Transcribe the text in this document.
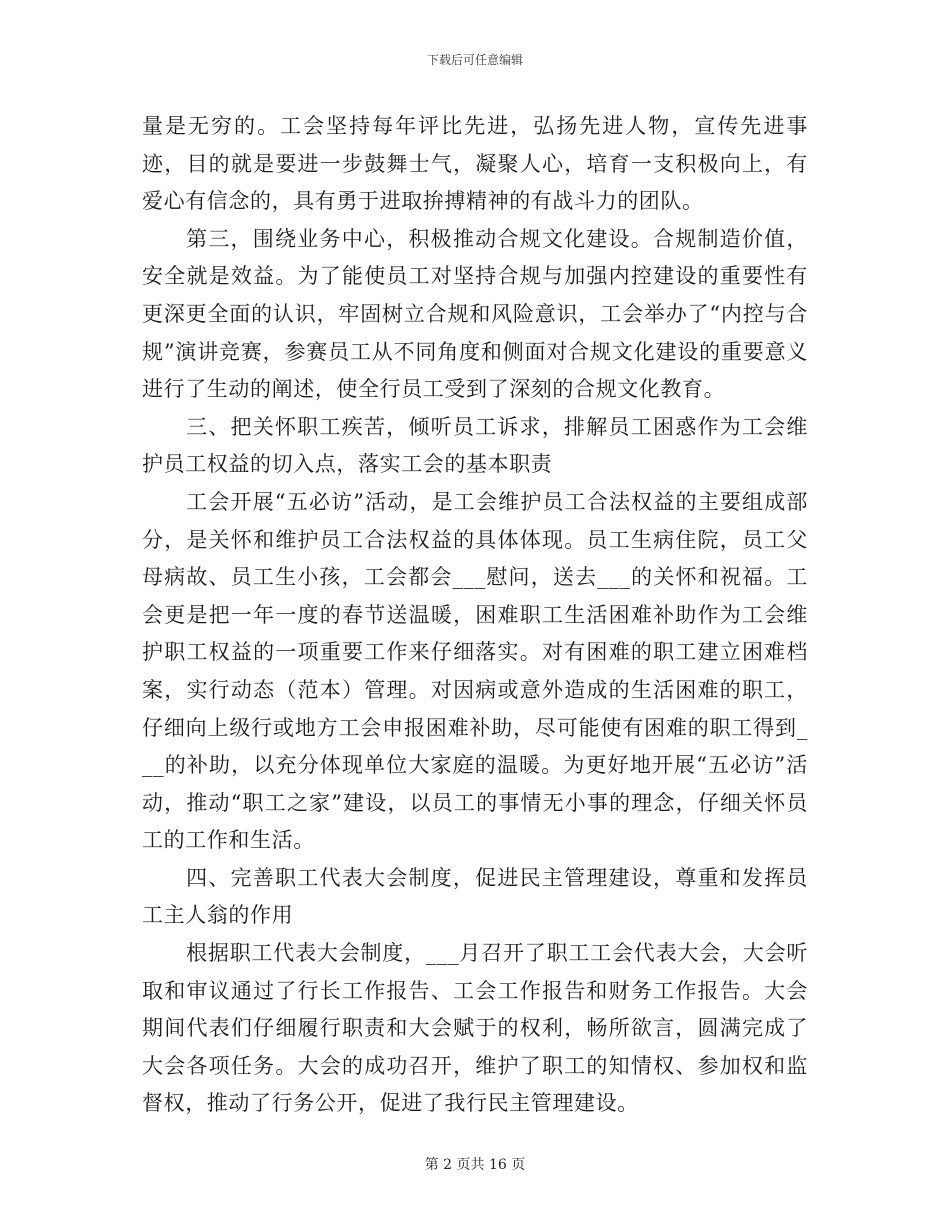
下载后可任意编辑

量是无穷的。工会坚持每年评比先进，弘扬先进人物，宣传先进事迹，目的就是要进一步鼓舞士气，凝聚人心，培育一支积极向上，有爱心有信念的，具有勇于进取拚搏精神的有战斗力的团队。

第三，围绕业务中心，积极推动合规文化建设。合规制造价值，安全就是效益。为了能使员工对坚持合规与加强内控建设的重要性有更深更全面的认识，牢固树立合规和风险意识，工会举办了“内控与合规”演讲竞赛，参赛员工从不同角度和侧面对合规文化建设的重要意义进行了生动的阐述，使全行员工受到了深刻的合规文化教育。

三、把关怀职工疾苦，倾听员工诉求，排解员工困惑作为工会维护员工权益的切入点，落实工会的基本职责

工会开展“五必访”活动，是工会维护员工合法权益的主要组成部分，是关怀和维护员工合法权益的具体体现。员工生病住院，员工父母病故、员工生小孩，工会都会___慰问，送去___的关怀和祝福。工会更是把一年一度的春节送温暖，困难职工生活困难补助作为工会维护职工权益的一项重要工作来仔细落实。对有困难的职工建立困难档案，实行动态（范本）管理。对因病或意外造成的生活困难的职工，仔细向上级行或地方工会申报困难补助，尽可能使有困难的职工得到___的补助，以充分体现单位大家庭的温暖。为更好地开展“五必访”活动，推动“职工之家”建设，以员工的事情无小事的理念，仔细关怀员工的工作和生活。

四、完善职工代表大会制度，促进民主管理建设，尊重和发挥员工主人翁的作用

根据职工代表大会制度，___月召开了职工工会代表大会，大会听取和审议通过了行长工作报告、工会工作报告和财务工作报告。大会期间代表们仔细履行职责和大会赋于的权利，畅所欲言，圆满完成了大会各项任务。大会的成功召开，维护了职工的知情权、参加权和监督权，推动了行务公开，促进了我行民主管理建设。

第 2 页共 16 页
